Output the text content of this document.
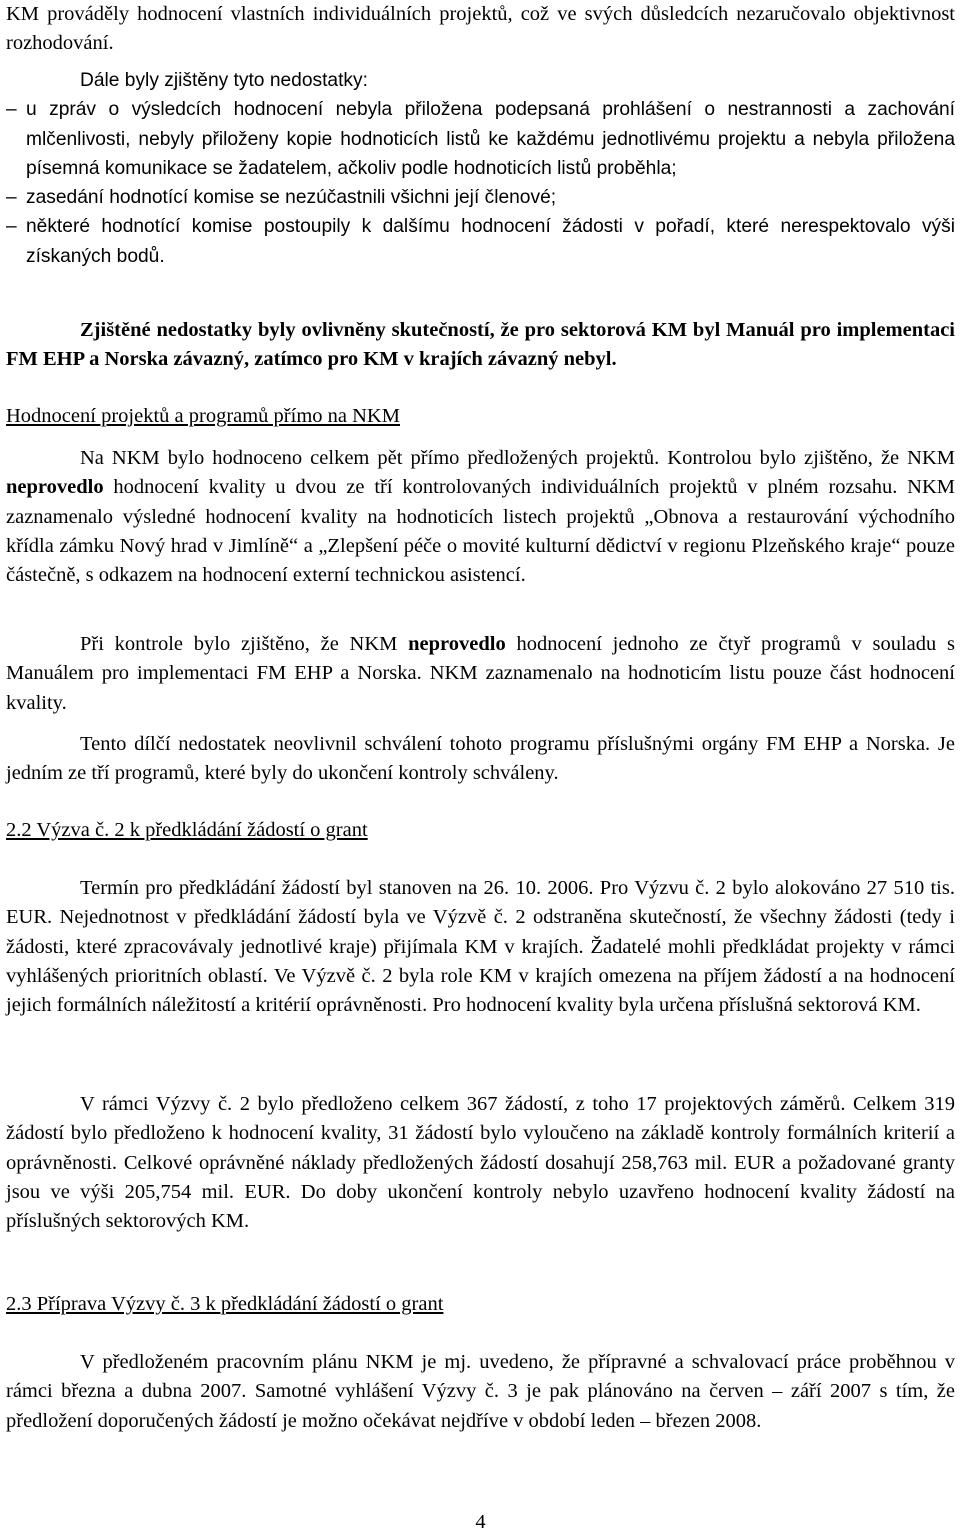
KM prováděly hodnocení vlastních individuálních projektů, což ve svých důsledcích nezaručovalo objektivnost rozhodování.

Dále byly zjištěny tyto nedostatky:

– u zpráv o výsledcích hodnocení nebyla přiložena podepsaná prohlášení o nestrannosti a zachování mlčenlivosti, nebyly přiloženy kopie hodnoticích listů ke každému jednotlivému projektu a nebyla přiložena písemná komunikace se žadatelem, ačkoliv podle hodnoticích listů proběhla;

– zasedání hodnotící komise se nezúčastnili všichni její členové;

– některé hodnotící komise postoupily k dalšímu hodnocení žádosti v pořadí, které nerespektovalo výši získaných bodů.

Zjištěné nedostatky byly ovlivněny skutečností, že pro sektorová KM byl Manuál pro implementaci FM EHP a Norska závazný, zatímco pro KM v krajích závazný nebyl.

Hodnocení projektů a programů přímo na NKM

Na NKM bylo hodnoceno celkem pět přímo předložených projektů. Kontrolou bylo zjištěno, že NKM neprovedlo hodnocení kvality u dvou ze tří kontrolovaných individuálních projektů v plném rozsahu. NKM zaznamenalo výsledné hodnocení kvality na hodnoticích listech projektů „Obnova a restaurování východního křídla zámku Nový hrad v Jimlíně“ a „Zlepšení péče o movité kulturní dědictví v regionu Plzeňského kraje“ pouze částečně, s odkazem na hodnocení externí technickou asistencí.

Při kontrole bylo zjištěno, že NKM neprovedlo hodnocení jednoho ze čtyř programů v souladu s Manuálem pro implementaci FM EHP a Norska. NKM zaznamenalo na hodnoticím listu pouze část hodnocení kvality.

Tento dílčí nedostatek neovlivnil schválení tohoto programu příslušnými orgány FM EHP a Norska. Je jedním ze tří programů, které byly do ukončení kontroly schváleny.

2.2 Výzva č. 2 k předkládání žádostí o grant

Termín pro předkládání žádostí byl stanoven na 26. 10. 2006. Pro Výzvu č. 2 bylo alokováno 27 510 tis. EUR. Nejednotnost v předkládání žádostí byla ve Výzvě č. 2 odstraněna skutečností, že všechny žádosti (tedy i žádosti, které zpracovávaly jednotlivé kraje) přijímala KM v krajích. Žadatelé mohli předkládat projekty v rámci vyhlášených prioritních oblastí. Ve Výzvě č. 2 byla role KM v krajích omezena na příjem žádostí a na hodnocení jejich formálních náležitostí a kritérií oprávněnosti. Pro hodnocení kvality byla určena příslušná sektorová KM.

V rámci Výzvy č. 2 bylo předloženo celkem 367 žádostí, z toho 17 projektových záměrů. Celkem 319 žádostí bylo předloženo k hodnocení kvality, 31 žádostí bylo vyloučeno na základě kontroly formálních kriterií a oprávněnosti. Celkové oprávněné náklady předložených žádostí dosahují 258,763 mil. EUR a požadované granty jsou ve výši 205,754 mil. EUR. Do doby ukončení kontroly nebylo uzavřeno hodnocení kvality žádostí na příslušných sektorových KM.

2.3 Příprava Výzvy č. 3 k předkládání žádostí o grant

V předloženém pracovním plánu NKM je mj. uvedeno, že přípravné a schvalovací práce proběhnou v rámci března a dubna 2007. Samotné vyhlášení Výzvy č. 3 je pak plánováno na červen – září 2007 s tím, že předložení doporučených žádostí je možno očekávat nejdříve v období leden – březen 2008.

4
